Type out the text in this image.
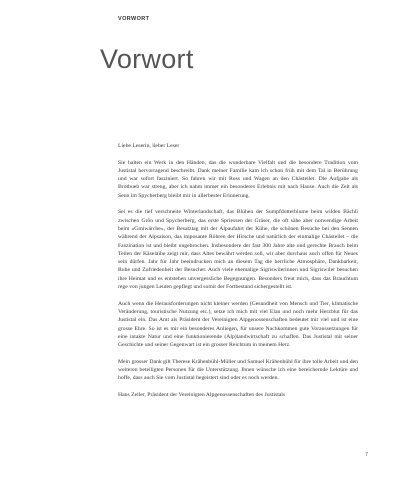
VORWORT
Vorwort

Liebe Leserin, lieber Leser

Sie halten ein Werk in den Händen, das die wunderbare Vielfalt und die besondere Tradition vom Justistal hervorragend beschreibt. Dank meiner Familie kam ich schon früh mit dem Tal in Berührung und war sofort fasziniert. So fahren wir mit Ross und Wagen an den Chästeilet. Die Aufgabe als Brotbueb war streng, aber ich nahm immer ein besonderes Erlebnis mit nach Hause. Auch die Zeit als Senn im Spycherberg bleibt mir in allerbester Erinnerung.

Sei es die tief verschneite Winterlandschaft, das Blühen der Sumpfdotterblume beim wilden Bächli zwischen Grön und Spycherberg, das erste Spriessen der Gräser, die oft sähe aber notwendige Arbeit beim «Gmiwärche», der Besatztag mit der Alpaufahrt der Kühe, die schönen Besuche bei den Sennen während der Alpsaison, das imposante Röhren der Hirsche und natürlich der einmalige Chästeilet – die Faszination ist und bleibt ungebrochen. Insbesondere der fast 300 Jahre alte und gerechte Brauch beim Teilen der Käselaibe zeigt mir, dass Altes bewährt werden soll, wir aber durchaus auch offen für Neues sein dürfen. Jahr für Jahr beeindrucken mich an diesem Tag die herrliche Atmosphäre, Dankbarkeit, Ruhe und Zufriedenheit der Besucher. Auch viele ehemalige Sigriswilerinnen und Sigriswiler besuchen ihre Heimat und es entstehen unvergessliche Begegnungen. Besonders freut mich, dass das Brauchtum rege von jungen Leuten gepflegt und somit der Fortbestand sichergestellt ist.

Auch wenn die Herausforderungen nicht kleiner werden (Gesundheit von Mensch und Tier, klimatische Veränderung, touristische Nutzung etc.), setze ich mich mit viel Elan und noch mehr Herzblut für das Justistal ein. Das Amt als Präsident der Vereinigten Alpgenossenschaften bedeutet mir viel und ist eine grosse Ehre. So ist es mir ein besonderes Anliegen, für unsere Nachkommen gute Voraussetzungen für eine intakte Natur und eine funktionierende (Alp)landwirtschaft zu schaffen. Das Justistal mit seiner Geschichte und seiner Gegenwart ist ein grosser Reichtum in meinem Herz.

Mein grosser Dank gilt Therese Krähenbühl-Müller und Samuel Krähenbühl für ihre tolle Arbeit und den weiteren beteiligten Personen für die Unterstützung. Ihnen wünsche ich eine bereichernde Lektüre und hoffe, dass auch Sie vom Justistal begeistert sind oder es noch werden.

Hans Zeller, Präsident der Vereinigten Alpgenossenschaften des Justistals

7
